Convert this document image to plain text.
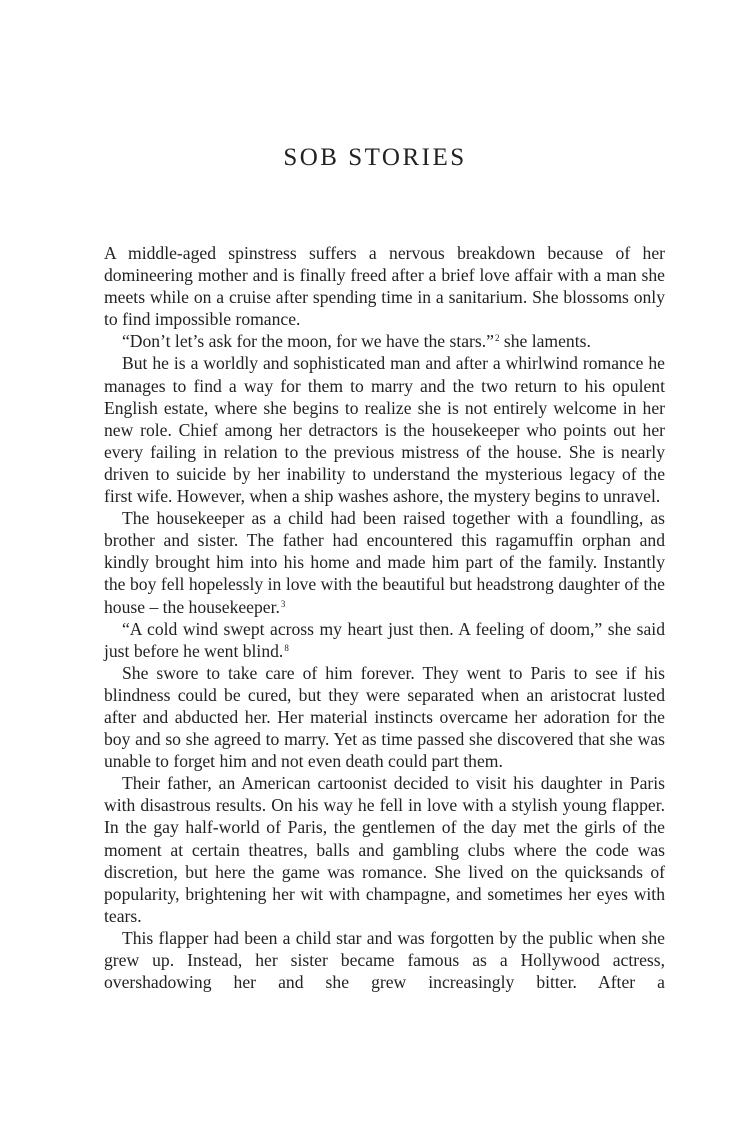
SOB STORIES

A middle-aged spinstress suffers a nervous breakdown because of her domineering mother and is finally freed after a brief love affair with a man she meets while on a cruise after spending time in a sanitarium. She blossoms only to find impossible romance.

“Don’t let’s ask for the moon, for we have the stars.”$^2$ she laments.

But he is a worldly and sophisticated man and after a whirlwind romance he manages to find a way for them to marry and the two return to his opulent English estate, where she begins to realize she is not entirely welcome in her new role. Chief among her detractors is the housekeeper who points out her every failing in relation to the previous mistress of the house. She is nearly driven to suicide by her inability to understand the mysterious legacy of the first wife. However, when a ship washes ashore, the mystery begins to unravel.

The housekeeper as a child had been raised together with a foundling, as brother and sister. The father had encountered this ragamuffin orphan and kindly brought him into his home and made him part of the family. Instantly the boy fell hopelessly in love with the beautiful but headstrong daughter of the house – the housekeeper.$^3$

“A cold wind swept across my heart just then. A feeling of doom,” she said just before he went blind.$^8$

She swore to take care of him forever. They went to Paris to see if his blindness could be cured, but they were separated when an aristocrat lusted after and abducted her. Her material instincts overcame her adoration for the boy and so she agreed to marry. Yet as time passed she discovered that she was unable to forget him and not even death could part them.

Their father, an American cartoonist decided to visit his daughter in Paris with disastrous results. On his way he fell in love with a stylish young flapper. In the gay half-world of Paris, the gentlemen of the day met the girls of the moment at certain theatres, balls and gambling clubs where the code was discretion, but here the game was romance. She lived on the quicksands of popularity, brightening her wit with champagne, and sometimes her eyes with tears.

This flapper had been a child star and was forgotten by the public when she grew up. Instead, her sister became famous as a Hollywood actress, overshadowing her and she grew increasingly bitter. After a
